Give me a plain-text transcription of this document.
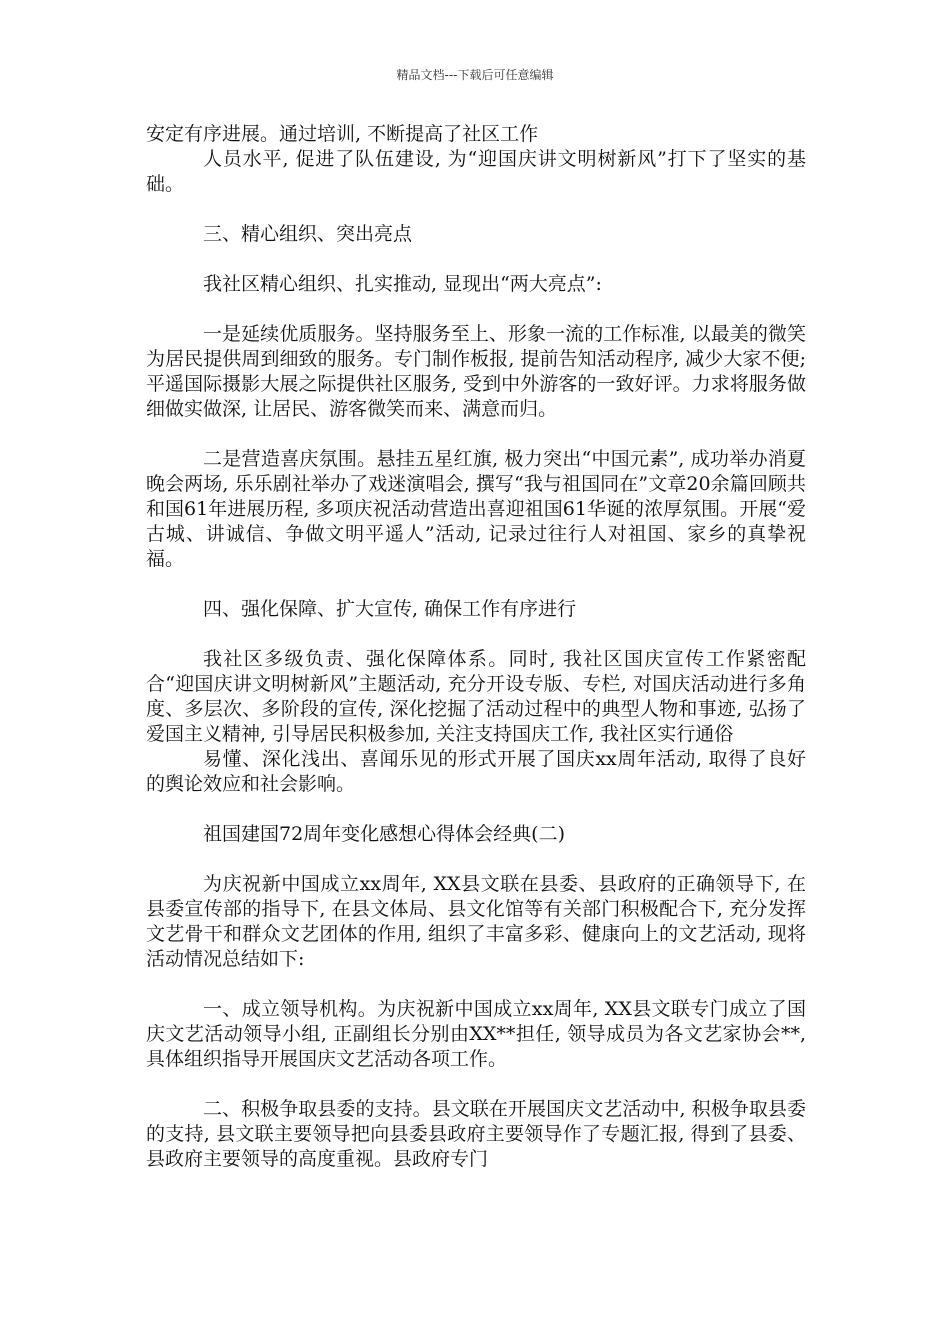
精品文档---下载后可任意编辑

安定有序进展。通过培训, 不断提高了社区工作
人员水平, 促进了队伍建设, 为“迎国庆讲文明树新风”打下了坚实的基础。

三、精心组织、突出亮点

我社区精心组织、扎实推动, 显现出“两大亮点”:

一是延续优质服务。坚持服务至上、形象一流的工作标准, 以最美的微笑为居民提供周到细致的服务。专门制作板报, 提前告知活动程序, 减少大家不便;平遥国际摄影大展之际提供社区服务, 受到中外游客的一致好评。力求将服务做细做实做深, 让居民、游客微笑而来、满意而归。

二是营造喜庆氛围。悬挂五星红旗, 极力突出“中国元素”, 成功举办消夏晚会两场, 乐乐剧社举办了戏迷演唱会, 撰写“我与祖国同在”文章20余篇回顾共和国61年进展历程, 多项庆祝活动营造出喜迎祖国61华诞的浓厚氛围。开展“爱古城、讲诚信、争做文明平遥人”活动, 记录过往行人对祖国、家乡的真挚祝福。

四、强化保障、扩大宣传, 确保工作有序进行

我社区多级负责、强化保障体系。同时, 我社区国庆宣传工作紧密配合“迎国庆讲文明树新风”主题活动, 充分开设专版、专栏, 对国庆活动进行多角度、多层次、多阶段的宣传, 深化挖掘了活动过程中的典型人物和事迹, 弘扬了爱国主义精神, 引导居民积极参加, 关注支持国庆工作, 我社区实行通俗
易懂、深化浅出、喜闻乐见的形式开展了国庆xx周年活动, 取得了良好的舆论效应和社会影响。

祖国建国72周年变化感想心得体会经典(二)

为庆祝新中国成立xx周年, XX县文联在县委、县政府的正确领导下, 在县委宣传部的指导下, 在县文体局、县文化馆等有关部门积极配合下, 充分发挥文艺骨干和群众文艺团体的作用, 组织了丰富多彩、健康向上的文艺活动, 现将活动情况总结如下:

一、成立领导机构。为庆祝新中国成立xx周年, XX县文联专门成立了国庆文艺活动领导小组, 正副组长分别由XX**担任, 领导成员为各文艺家协会**, 具体组织指导开展国庆文艺活动各项工作。

二、积极争取县委的支持。县文联在开展国庆文艺活动中, 积极争取县委的支持, 县文联主要领导把向县委县政府主要领导作了专题汇报, 得到了县委、县政府主要领导的高度重视。县政府专门
